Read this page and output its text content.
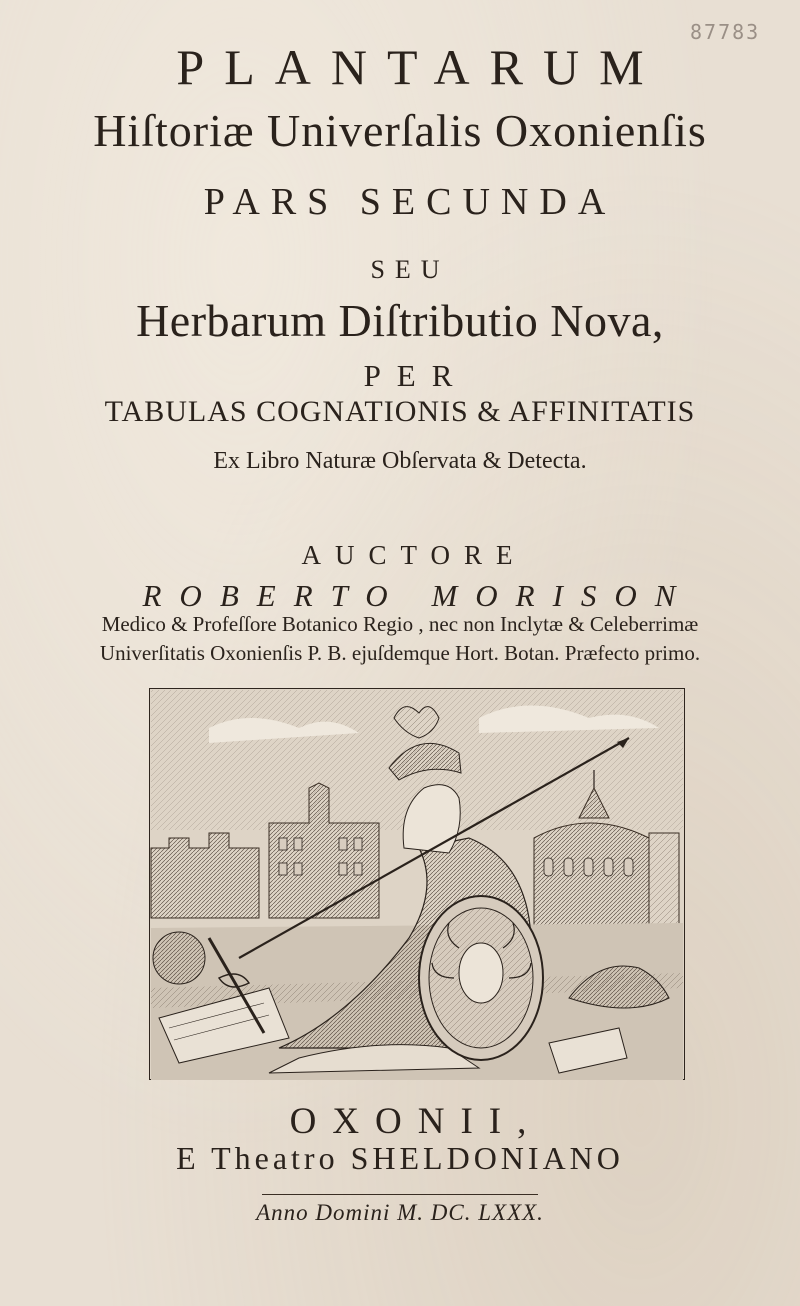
87783
PLANTARUM
Hiſtoriæ Univerſalis Oxonienſis
PARS SECUNDA
SEU
Herbarum Diſtributio Nova,
PER
TABULAS COGNATIONIS & AFFINITATIS
Ex Libro Naturæ Obſervata & Detecta.
AUCTORE
ROBERTO MORISON
Medico & Profeſſore Botanico Regio , nec non Inclytæ & Celeberrimæ
Univerſitatis Oxonienſis P. B. ejuſdemque Hort. Botan. Præfecto primo.
OXONII,
E Theatro SHELDONIANO
Anno Domini M. DC. LXXX.
